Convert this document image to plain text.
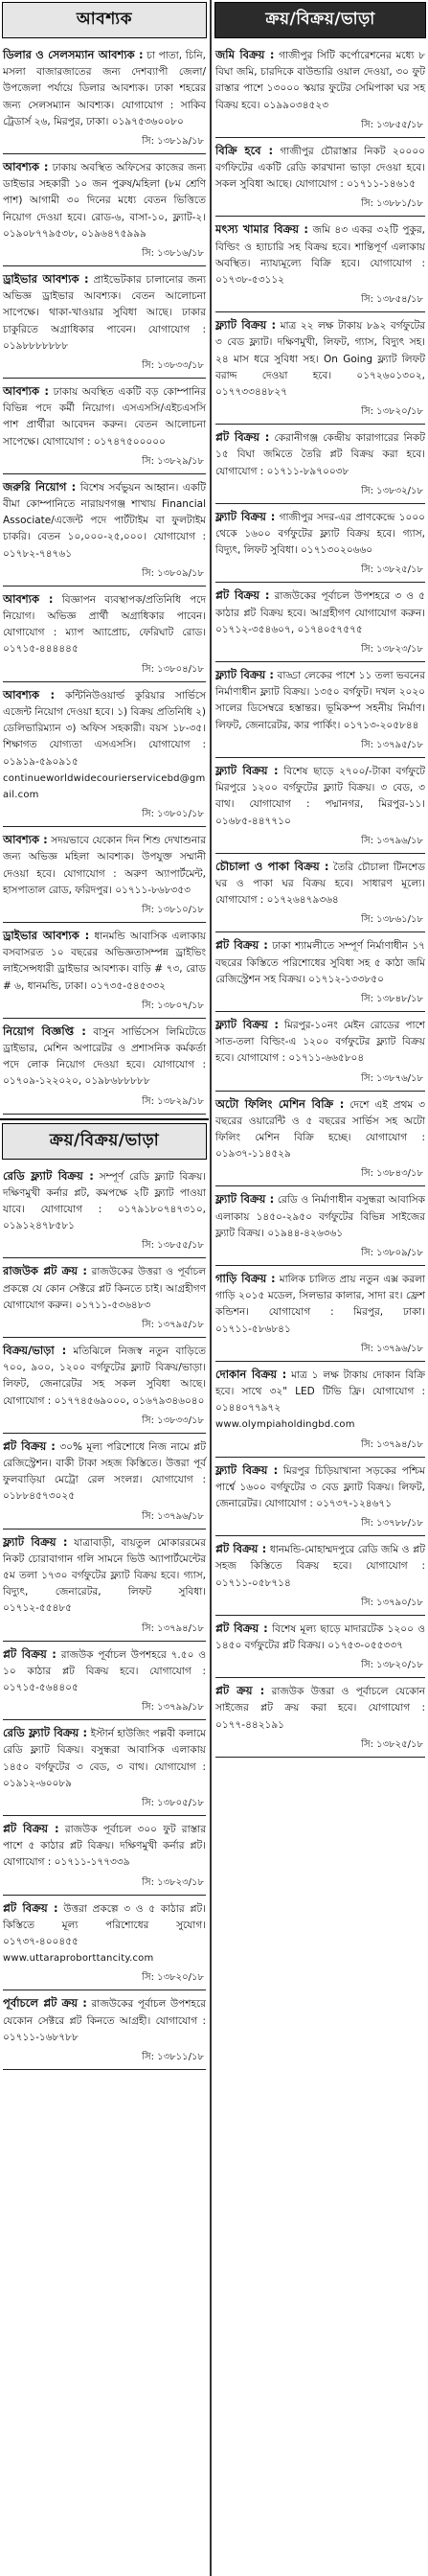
আবশ্যক

ডিলার ও সেলসম্যান আবশ্যক : চা পাতা, চিনি, মসলা বাজারজাতের জন্য দেশব্যাপী জেলা/উপজেলা পর্যায়ে ডিলার আবশ্যক। ঢাকা শহরের জন্য সেলসম্যান আবশ্যক। যোগাযোগ : সাকিব ট্রেডার্স ২৬, মিরপুর, ঢাকা। ০১৯৭৫৩৬০০৮০

সি: ১৩৮১৯/১৮

আবশ্যক : ঢাকায় অবস্থিত অফিসের কাজের জন্য ডাইভার সহকারী ১০ জন পুরুষ/মহিলা (৮ম শ্রেণি পাশ) আগামী ৩০ দিনের মধ্যে বেতন ভিত্তিতে নিয়োগ দেওয়া হবে। রোড-৬, বাসা-১০, ফ্ল্যাট-২। ০১৯০৮৭৭৯৫৩৮, ০১৯৬৪৭৫৯৯৯

সি: ১৩৮১৬/১৮

ড্রাইভার আবশ্যক : প্রাইভেটকার চালানোর জন্য অভিজ্ঞ ড্রাইভার আবশ্যক। বেতন আলোচনা সাপেক্ষে। থাকা-খাওয়ার সুবিধা আছে। ঢাকার চাকুরিতে অগ্রাধিকার পাবেন। যোগাযোগ : ০১৯৮৮৮৮৮৮৮

সি: ১৩৮৩৩/১৮

আবশ্যক : ঢাকায় অবস্থিত একটি বড় কোম্পানির বিভিন্ন পদে কর্মী নিয়োগ। এসএসসি/এইচএসসি পাশ প্রার্থীরা আবেদন করুন। বেতন আলোচনা সাপেক্ষে। যোগাযোগ : ০১৭৪৭৫০০০০০

সি: ১৩৮২৯/১৮

জরুরি নিয়োগ : বিশেষ সর্বভুয়ন আহ্বান। একটি বীমা কোম্পানিতে নারায়ণগঞ্জ শাখায় Financial Associate/এজেন্ট পদে পার্টটাইম বা ফুলটাইম চাকরি। বেতন ১০,০০০-২৫,০০০। যোগাযোগ : ০১৭৮২-৭৪৭৬১

সি: ১৩৮০৯/১৮

আবশ্যক : বিজ্ঞাপন ব্যবস্থাপক/প্রতিনিধি পদে নিয়োগ। অভিজ্ঞ প্রার্থী অগ্রাধিকার পাবেন। যোগাযোগ : ম্যাপ অ্যাপ্রোচ, ফেরিঘাট রোড। ০১৭১৫-৪৪৪৪৪৫

সি: ১৩৮০৪/১৮

আবশ্যক : কন্টিনিউওয়ার্ল্ড কুরিয়ার সার্ভিসে এজেন্ট নিয়োগ দেওয়া হবে। ১) বিক্রয় প্রতিনিধি ২) ডেলিভারিম্যান ৩) অফিস সহকারী। বয়স ১৮-৩৫। শিক্ষাগত যোগ্যতা এসএসসি। যোগাযোগ : ০১৯১৯-৫৯০৯১৫
continueworldwidecourierservicebd@gmail.com

সি: ১৩৮০১/১৮

আবশ্যক : সদয়ভাবে যেকোন দিন শিশু দেখাশুনার জন্য অভিজ্ঞ মহিলা আবশ্যক। উপযুক্ত সম্মানী দেওয়া হবে। যোগাযোগ : অরুণ অ্যাপার্টমেন্ট, হাসপাতাল রোড, ফরিদপুর। ০১৭১১-৮৬৮৩৫৩

সি: ১৩৮১০/১৮

ড্রাইভার আবশ্যক : ধানমন্ডি আবাসিক এলাকায় বসবাসরত ১০ বছরের অভিজ্ঞতাসম্পন্ন ড্রাইভিং লাইসেন্সধারী ড্রাইভার আবশ্যক। বাড়ি # ৭৩, রোড # ৬, ধানমন্ডি, ঢাকা। ০১৭৩৫-৫৪৫৩৩২

সি: ১৩৮০৭/১৮

নিয়োগ বিজ্ঞপ্তি : বাসুন সার্ভিসেস লিমিটেডে ড্রাইভার, মেশিন অপারেটর ও প্রশাসনিক কর্মকর্তা পদে লোক নিয়োগ দেওয়া হবে। যোগাযোগ : ০১৭০৯-১২২০২০, ০১৯৮৬৮৮৮৮৮

সি: ১৩৮২৯/১৮
ক্রয়/বিক্রয়/ভাড়া

রেডি ফ্ল্যাট বিক্রয় : সম্পূর্ণ রেডি ফ্ল্যাট বিক্রয়। দক্ষিণমুখী কর্নার প্লট, কমপক্ষে ২টি ফ্ল্যাট পাওয়া যাবে। যোগাযোগ : ০১৭৯১৮০৭৪৭৩১০, ০১৯১২৪৭৮৫৮১

সি: ১৩৮৫৫/১৮

রাজউক প্লট ক্রয় : রাজউকের উত্তরা ও পূর্বাচল প্রকল্পে যে কোন সেক্টরে প্লট কিনতে চাই। আগ্রহীগণ যোগাযোগ করুন। ০১৭১১-৫৩৬৪৮৩

সি: ১৩৭৯৫/১৮

বিক্রয়/ভাড়া : মতিঝিলে নিজস্ব নতুন বাড়িতে ৭০০, ৯০০, ১২০০ বর্গফুটের ফ্ল্যাট বিক্রয়/ভাড়া। লিফট, জেনারেটর সহ সকল সুবিধা আছে। যোগাযোগ : ০১৭৭৪৫৬৯০০০, ০১৬৭৯৩৪৬০৪০

সি: ১৩৮৩৩/১৮

প্লট বিক্রয় : ৩০% মূল্য পরিশোধে নিজ নামে প্লট রেজিস্ট্রেশন। বাকী টাকা সহজ কিস্তিতে। উত্তরা পূর্ব ফুলবাড়িয়া মেট্রো রেল সংলগ্ন। যোগাযোগ : ০১৮৮৪৫৭৩০২৫

সি: ১৩৭৯৬/১৮

ফ্ল্যাট বিক্রয় : যাত্রাবাড়ী, বায়তুল মোকাররমের নিকট চোরাবাগান গলি সামনে ভিউ অ্যাপার্টমেন্টের ৫ম তলা ১৭৩০ বর্গফুটের ফ্ল্যাট বিক্রয় হবে। গ্যাস, বিদ্যুৎ, জেনারেটর, লিফট সুবিধা। ০১৭১২-৫৫৪৮৫

সি: ১৩৭৯৪/১৮

প্লট বিক্রয় : রাজউক পূর্বাচল উপশহরে ৭.৫০ ও ১০ কাঠার প্লট বিক্রয় হবে। যোগাযোগ : ০১৭১৫-৫৬৪৪০৫

সি: ১৩৭৯৯/১৮

রেডি ফ্ল্যাট বিক্রয় : ইস্টার্ন হাউজিং পল্লবী কলামে রেডি ফ্ল্যাট বিক্রয়। বসুন্ধরা আবাসিক এলাকায় ১৪৫০ বর্গফুটের ৩ বেড, ৩ বাথ। যোগাযোগ : ০১৯১২-৬০০৮৯

সি: ১৩৮০৫/১৮

প্লট বিক্রয় : রাজউক পূর্বাচল ৩০০ ফুট রাস্তার পাশে ৫ কাঠার প্লট বিক্রয়। দক্ষিণমুখী কর্নার প্লট। যোগাযোগ : ০১৭১১-১৭৭৩৩৯

সি: ১৩৮২৩/১৮

প্লট বিক্রয় : উত্তরা প্রকল্পে ৩ ও ৫ কাঠার প্লট। কিস্তিতে মূল্য পরিশোধের সুযোগ। ০১৭৩৭-৪০০৪৫৫
www.uttaraproborttancity.com

সি: ১৩৮২০/১৮

পূর্বাচলে প্লট ক্রয় : রাজউকের পূর্বাচল উপশহরে যেকোন সেক্টরে প্লট কিনতে আগ্রহী। যোগাযোগ : ০১৭১১-১৬৮৭৮৮

সি: ১৩৮১১/১৮
ক্রয়/বিক্রয়/ভাড়া

জমি বিক্রয় : গাজীপুর সিটি কর্পোরেশনের মধ্যে ৮ বিঘা জমি, চারদিকে বাউন্ডারি ওয়াল দেওয়া, ৩০ ফুট রাস্তার পাশে ১৩০০০ স্কয়ার ফুটের সেমিপাকা ঘর সহ বিক্রয় হবে। ০১৯৯০৩৪৫২৩

সি: ১৩৮৫৫/১৮

বিক্রি হবে : গাজীপুর চৌরাস্তার নিকট ২০০০০ বর্গফিটের একটি রেডি কারখানা ভাড়া দেওয়া হবে। সকল সুবিধা আছে। যোগাযোগ : ০১৭১১-১৪৬১৫

সি: ১৩৮৮১/১৮

মৎস্য খামার বিক্রয় : জমি ৪৩ একর ৩২টি পুকুর, বিল্ডিং ও হ্যাচারি সহ বিক্রয় হবে। শান্তিপূর্ণ এলাকায় অবস্থিত। ন্যায্যমূল্যে বিক্রি হবে। যোগাযোগ : ০১৭৩৮-৫৩১১২

সি: ১৩৮৫৪/১৮

ফ্ল্যাট বিক্রয় : মাত্র ২২ লক্ষ টাকায় ৮৯২ বর্গফুটের ৩ বেড ফ্ল্যাট। দক্ষিণমুখী, লিফট, গ্যাস, বিদ্যুৎ সহ। ২৪ মাস ধরে সুবিধা সহ। On Going ফ্ল্যাট লিফট বরাদ্দ দেওয়া হবে। ০১৭২৬০১৩০২, ০১৭৭৩৩৪৪৮২৭

সি: ১৩৮২০/১৮

প্লট বিক্রয় : কেরানীগঞ্জ কেন্দ্রীয় কারাগারের নিকট ১৫ বিঘা জমিতে তৈরি প্লট বিক্রয় করা হবে। যোগাযোগ : ০১৭১১-৮৯৭০০৩৮

সি: ১৩৮৩২/১৮

ফ্ল্যাট বিক্রয় : গাজীপুর সদর-এর প্রাণকেন্দ্রে ১০০০ থেকে ১৬০০ বর্গফুটের ফ্ল্যাট বিক্রয় হবে। গ্যাস, বিদ্যুৎ, লিফট সুবিধা। ০১৭১৩০২০৬৬০

সি: ১৩৮২৫/১৮

প্লট বিক্রয় : রাজউকের পূর্বাচল উপশহরে ৩ ও ৫ কাঠার প্লট বিক্রয় হবে। আগ্রহীগণ যোগাযোগ করুন। ০১৭১২-৩৫৪৬০৭, ০১৭৪০৫৭৫৭৫

সি: ১৩৮২৩/১৮

ফ্ল্যাট বিক্রয় : বাড্ডা লেকের পাশে ১১ তলা ভবনের নির্মাণাধীন ফ্ল্যাট বিক্রয়। ১৩৫০ বর্গফুট। দখল ২০২০ সালের ডিসেম্বরে হস্তান্তর। ভূমিকম্প সহনীয় নির্মাণ। লিফট, জেনারেটর, কার পার্কিং। ০১৭১৩-২০৫৮৪৪

সি: ১৩৭৯৫/১৮

ফ্ল্যাট বিক্রয় : বিশেষ ছাড়ে ২৭০০/-টাকা বর্গফুটে মিরপুরে ১২০০ বর্গফুটের ফ্ল্যাট বিক্রয়। ৩ বেড, ৩ বাথ। যোগাযোগ : পদ্মানগর, মিরপুর-১১। ০১৬৮৫-৪৪৭৭১০

সি: ১৩৭৯৬/১৮

চৌচালা ও পাকা বিক্রয় : তৈরি চৌচালা টিনশেড ঘর ও পাকা ঘর বিক্রয় হবে। সাধারণ মূল্যে। যোগাযোগ : ০১৭২৬৪৭৯৩৬৪

সি: ১৩৮৬১/১৮

প্লট বিক্রয় : ঢাকা শ্যামলীতে সম্পূর্ণ নির্মাণাধীন ১৭ বছরের কিস্তিতে পরিশোধের সুবিধা সহ ৫ কাঠা জমি রেজিস্ট্রেশন সহ বিক্রয়। ০১৭১২-১৩৩৮৫০

সি: ১৩৮৪৮/১৮

ফ্ল্যাট বিক্রয় : মিরপুর-১০নং মেইন রোডের পাশে সাত-তলা বিল্ডিং-এ ১২০০ বর্গফুটের ফ্ল্যাট বিক্রয় হবে। যোগাযোগ : ০১৭১১-৬৬৫৮০৪

সি: ১৩৮৭৬/১৮

অটো ফিলিং মেশিন বিক্রি : দেশে এই প্রথম ৩ বছরের ওয়ারেন্টি ও ৫ বছরের সার্ভিস সহ অটো ফিলিং মেশিন বিক্রি হচ্ছে। যোগাযোগ : ০১৯৩৭-১১৪৫২৯

সি: ১৩৮৪৩/১৮

ফ্ল্যাট বিক্রয় : রেডি ও নির্মাণাধীন বসুন্ধরা আবাসিক এলাকায় ১৪৫০-২৯৫০ বর্গফুটের বিভিন্ন সাইজের ফ্ল্যাট বিক্রয়। ০১৯৪৪-৪২৬৩৬১

সি: ১৩৮০৯/১৮

গাড়ি বিক্রয় : মালিক চালিত প্রায় নতুন এক্স করলা গাড়ি ২০১৫ মডেল, সিলভার কালার, সাদা রং। ফ্রেশ কন্ডিশন। যোগাযোগ : মিরপুর, ঢাকা। ০১৭১১-৫৮৬৮৪১

সি: ১৩৭৯৬/১৮

দোকান বিক্রয় : মাত্র ১ লক্ষ টাকায় দোকান বিক্রি হবে। সাথে ৩২" LED টিভি ফ্রি। যোগাযোগ : ০১৪৪০৭৭৯৭২
www.olympiaholdingbd.com

সি: ১৩৭৯৪/১৮

ফ্ল্যাট বিক্রয় : মিরপুর চিড়িয়াখানা সড়কের পশ্চিম পার্শ্বে ১৬০০ বর্গফুটের ৩ বেড ফ্ল্যাট বিক্রয়। লিফট, জেনারেটর। যোগাযোগ : ০১৭৩৭-১২৪৬৭১

সি: ১৩৭৮৮/১৮

প্লট বিক্রয় : ধানমন্ডি-মোহাম্মদপুরে রেডি জমি ও প্লট সহজ কিস্তিতে বিক্রয় হবে। যোগাযোগ : ০১৭১১-০৫৮৭১৪

সি: ১৩৭৯০/১৮

প্লট বিক্রয় : বিশেষ মূল্য ছাড়ে মাদারটেক ১২০০ ও ১৪৫০ বর্গফুটের প্লট বিক্রয়। ০১৭৫৩-০৫৫৩৩৭

সি: ১৩৮২০/১৮

প্লট ক্রয় : রাজউক উত্তরা ও পূর্বাচলে যেকোন সাইজের প্লট ক্রয় করা হবে। যোগাযোগ : ০১৭৭-৪৪২১৯১

সি: ১৩৮২৫/১৮
